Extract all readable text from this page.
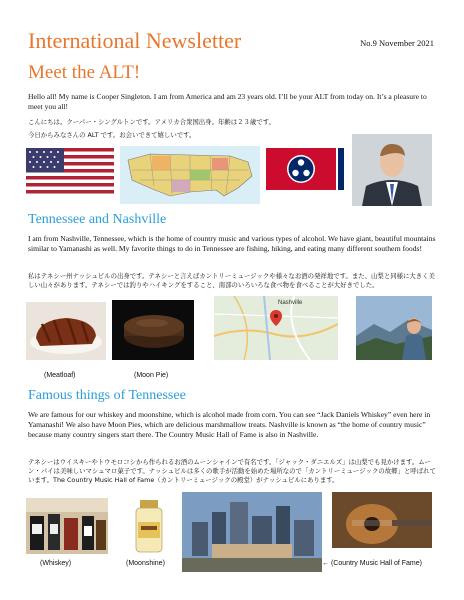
International Newsletter	No.9 November 2021
Meet the ALT!
Hello all! My name is Cooper Singleton. I am from America and am 23 years old. I’ll be your ALT from today on. It’s a pleasure to meet you all!
こんにちは。クーパー・シングルトンです。アメリカ合衆国出身。年齢は２３歳です。
今日からみなさんの ALT です。お会いできて嬉しいです。
Tennessee and Nashville
I am from Nashville, Tennessee, which is the home of country music and various types of alcohol. We have giant, beautiful mountains similar to Yamanashi as well. My favorite things to do in Tennessee are fishing, hiking, and eating many different southern foods!
私はテネシー州ナッシュビルの出身です。テネシーと言えばカントリーミュージックや様々なお酒の発祥地です。また、山梨と同様に大きく美しい山々があります。テネシーでは釣りやハイキングをすること、南部のいろいろな食べ物を食べることが大好きでした。
(Meatloaf)	(Moon Pie)
Nashville
Famous things of Tennessee
We are famous for our whiskey and moonshine, which is alcohol made from corn. You can see “Jack Daniels Whiskey” even here in Yamanashi! We also have Moon Pies, which are delicious marshmallow treats. Nashville is known as “the home of country music” because many country singers start there. The Country Music Hall of Fame is also in Nashville.
テネシーはウイスキーやトウモロコシから作られるお酒のムーンシャインで有名です。「ジャック・ダニエルズ」は山梨でも見かけます。ムーン・パイは美味しいマシュマロ菓子です。ナッシュビルは多くの歌手が活動を始めた場所なので「カントリーミュージックの故郷」と呼ばれています。The Country Music Hall of Fame（カントリーミュージックの殿堂）がナッシュビルにあります。
(Whiskey)	(Moonshine)	← (Country Music Hall of Fame)
